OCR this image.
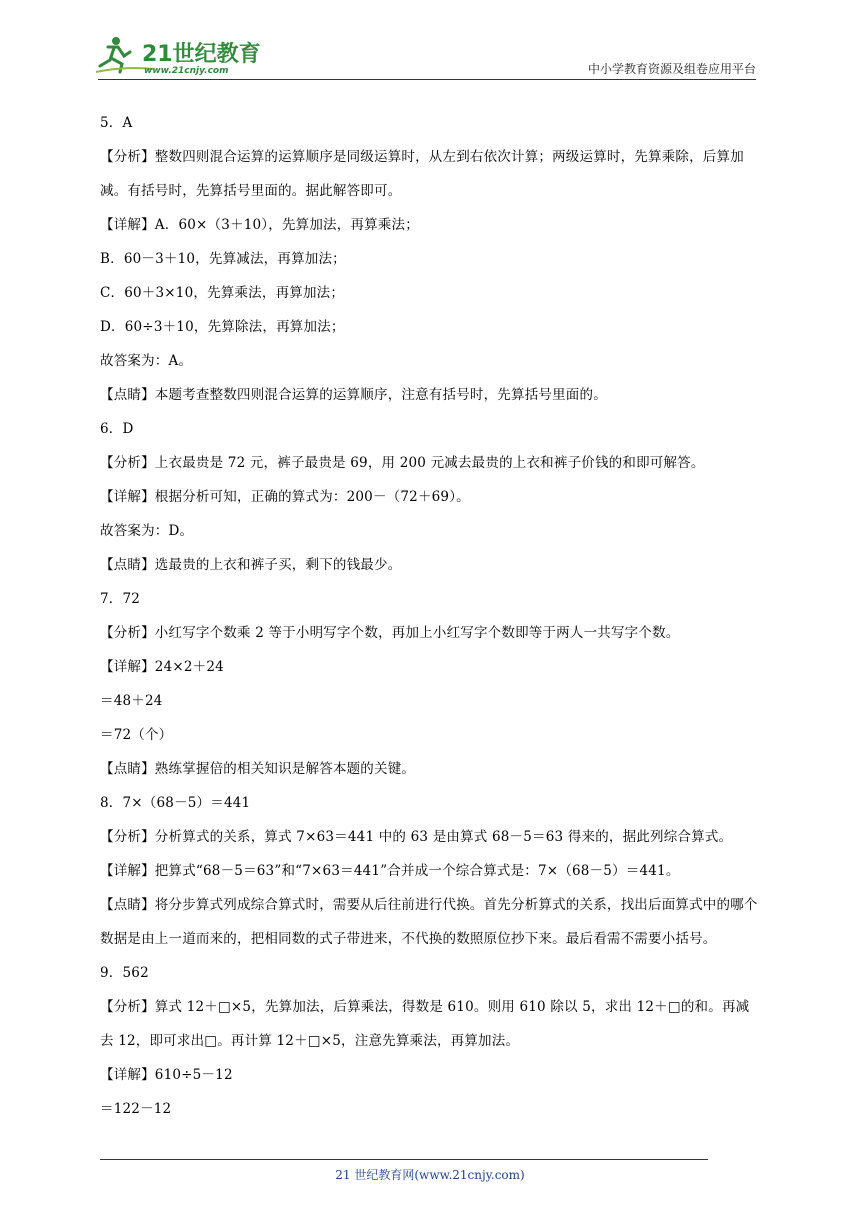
21世纪教育
www.21cnjy.com	中小学教育资源及组卷应用平台
5．A
【分析】整数四则混合运算的运算顺序是同级运算时，从左到右依次计算；两级运算时，先算乘除，后算加减。有括号时，先算括号里面的。据此解答即可。
【详解】A．60×（3＋10），先算加法，再算乘法；
B．60－3＋10，先算减法，再算加法；
C．60＋3×10，先算乘法，再算加法；
D．60÷3＋10，先算除法，再算加法；
故答案为：A。
【点睛】本题考查整数四则混合运算的运算顺序，注意有括号时，先算括号里面的。
6．D
【分析】上衣最贵是 72 元，裤子最贵是 69，用 200 元减去最贵的上衣和裤子价钱的和即可解答。
【详解】根据分析可知，正确的算式为：200－（72＋69）。
故答案为：D。
【点睛】选最贵的上衣和裤子买，剩下的钱最少。
7．72
【分析】小红写字个数乘 2 等于小明写字个数，再加上小红写字个数即等于两人一共写字个数。
【详解】24×2＋24
＝48＋24
＝72（个）
【点睛】熟练掌握倍的相关知识是解答本题的关键。
8．7×（68－5）＝441
【分析】分析算式的关系，算式 7×63＝441 中的 63 是由算式 68－5＝63 得来的，据此列综合算式。
【详解】把算式“68－5＝63”和“7×63＝441”合并成一个综合算式是：7×（68－5）＝441。
【点睛】将分步算式列成综合算式时，需要从后往前进行代换。首先分析算式的关系，找出后面算式中的哪个数据是由上一道而来的，把相同数的式子带进来，不代换的数照原位抄下来。最后看需不需要小括号。
9．562
【分析】算式 12＋□×5，先算加法，后算乘法，得数是 610。则用 610 除以 5，求出 12＋□的和。再减去 12，即可求出□。再计算 12＋□×5，注意先算乘法，再算加法。
【详解】610÷5－12
＝122－12
21 世纪教育网(www.21cnjy.com)
